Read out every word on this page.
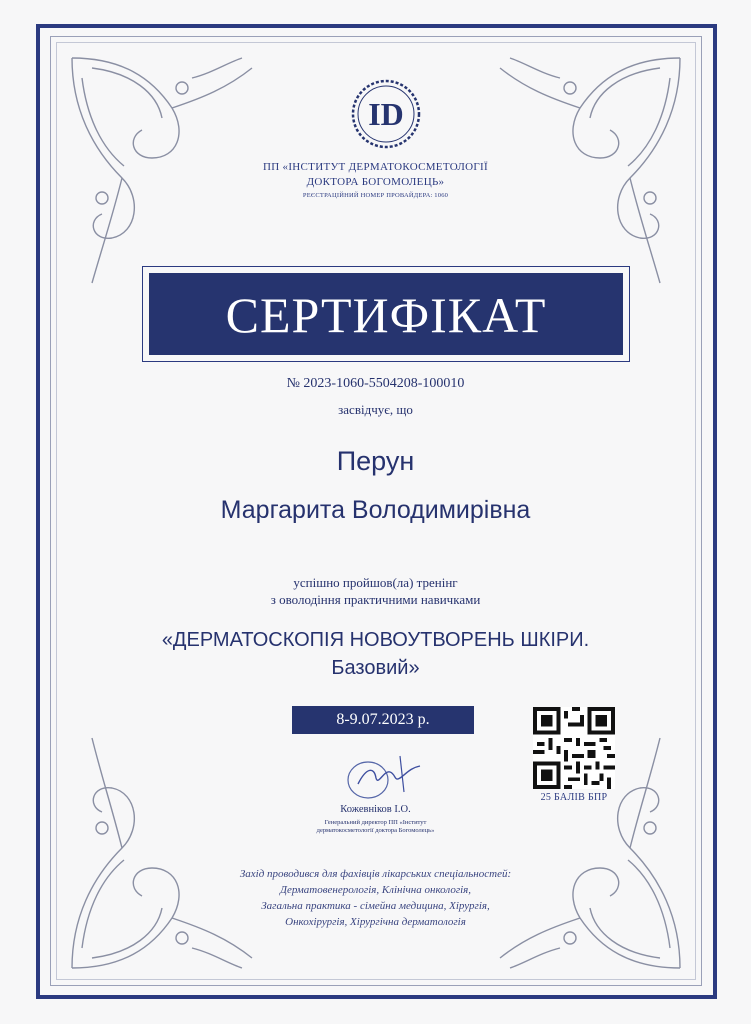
ID
ПП «ІНСТИТУТ ДЕРМАТОКОСМЕТОЛОГІЇ
ДОКТОРА БОГОМОЛЕЦЬ»
РЕЄСТРАЦІЙНИЙ НОМЕР ПРОВАЙДЕРА: 1060
СЕРТИФІКАТ
№ 2023-1060-5504208-100010
засвідчує, що
Перун
Маргарита Володимирівна
успішно пройшов(ла) тренінг
з оволодіння практичними навичками
«ДЕРМАТОСКОПІЯ НОВОУТВОРЕНЬ ШКІРИ.
Базовий»
8-9.07.2023 р.
25 БАЛІВ БПР
Кожевніков І.О.
Генеральний директор ПП «Інститут
дерматокосметології доктора Богомолець»
Захід проводився для фахівців лікарських спеціальностей:
Дерматовенерологія, Клінічна онкологія,
Загальна практика - сімейна медицина, Хірургія,
Онкохірургія, Хірургічна дерматологія
